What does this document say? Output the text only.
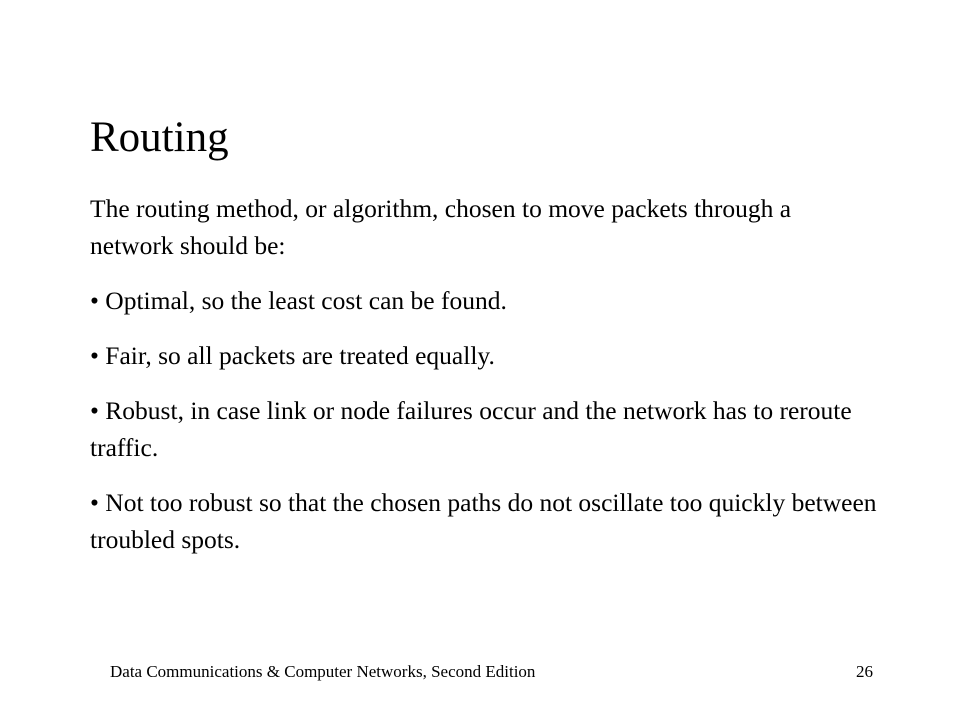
Routing

The routing method, or algorithm, chosen to move packets through a network should be:

• Optimal, so the least cost can be found.

• Fair, so all packets are treated equally.

• Robust, in case link or node failures occur and the network has to reroute traffic.

• Not too robust so that the chosen paths do not oscillate too quickly between troubled spots.

Data Communications & Computer Networks, Second Edition	26
